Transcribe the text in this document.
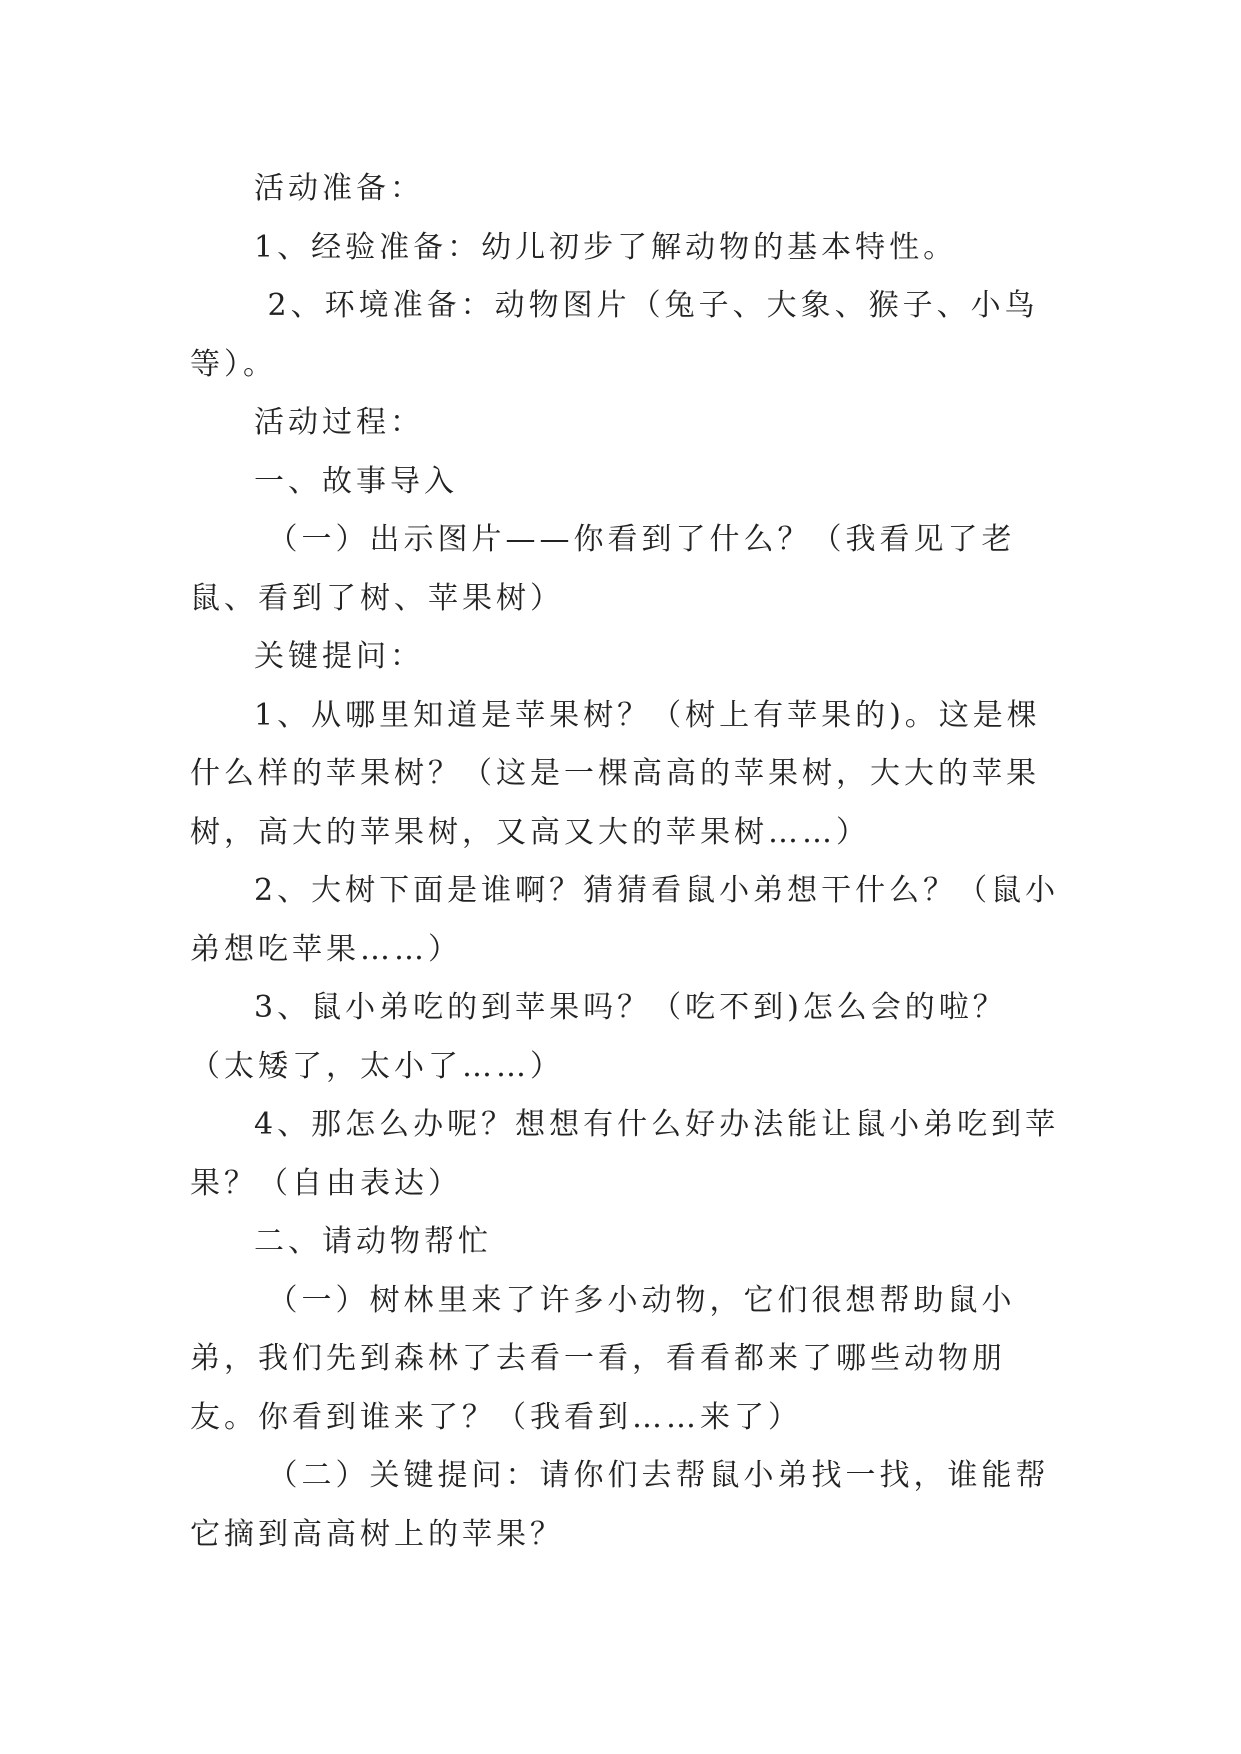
活动准备：

1、经验准备：幼儿初步了解动物的基本特性。

2、环境准备：动物图片（兔子、大象、猴子、小鸟等）。

活动过程：

一、故事导入

（一）出示图片——你看到了什么？（我看见了老鼠、看到了树、苹果树）

关键提问：

1、从哪里知道是苹果树？（树上有苹果的)。这是棵什么样的苹果树？（这是一棵高高的苹果树，大大的苹果树，高大的苹果树，又高又大的苹果树……）

2、大树下面是谁啊？猜猜看鼠小弟想干什么？（鼠小弟想吃苹果……）

3、鼠小弟吃的到苹果吗？（吃不到)怎么会的啦？（太矮了，太小了……）

4、那怎么办呢？想想有什么好办法能让鼠小弟吃到苹果？（自由表达）

二、请动物帮忙

（一）树林里来了许多小动物，它们很想帮助鼠小弟，我们先到森林了去看一看，看看都来了哪些动物朋友。你看到谁来了？（我看到……来了）

（二）关键提问：请你们去帮鼠小弟找一找，谁能帮它摘到高高树上的苹果？
